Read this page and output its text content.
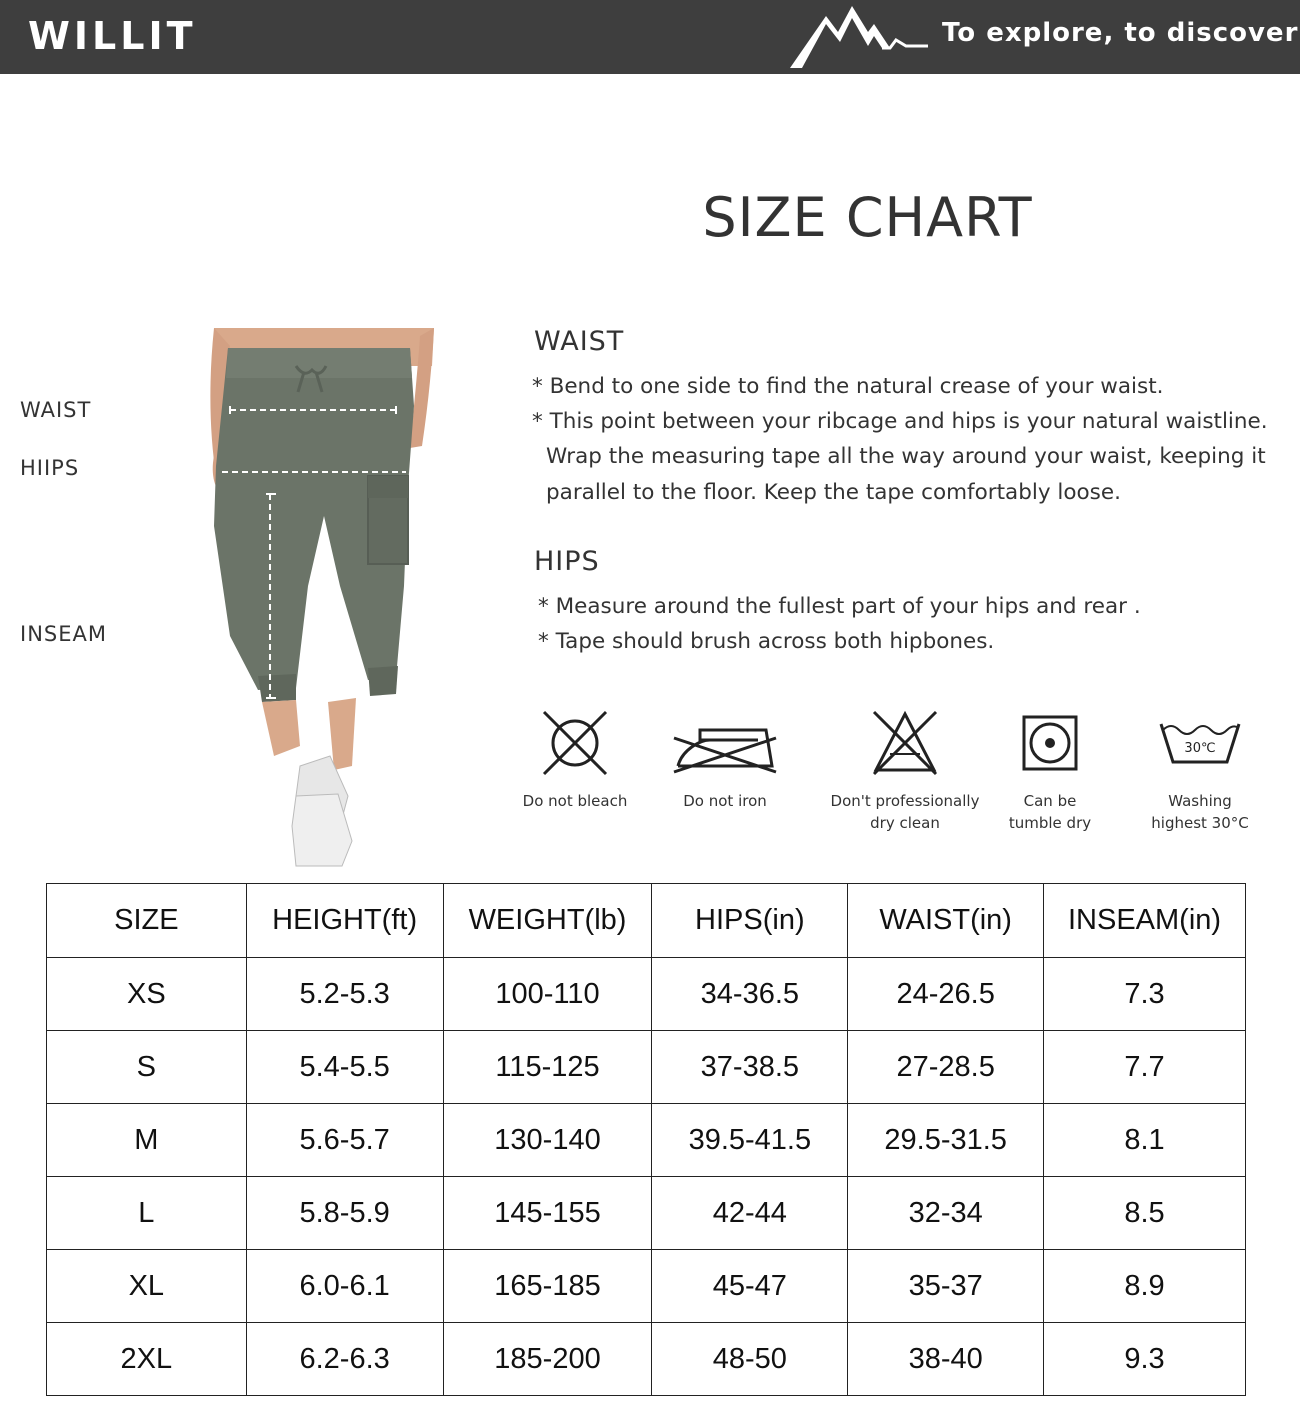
WILLIT	To explore, to discover
SIZE CHART
WAIST
HIIPS
INSEAM
WAIST
* Bend to one side to find the natural crease of your waist.
* This point between your ribcage and hips is your natural waistline.
Wrap the measuring tape all the way around your waist, keeping it
parallel to the floor. Keep the tape comfortably loose.
HIPS
* Measure around the fullest part of your hips and rear .
* Tape should brush across both hipbones.
Do not bleach	Do not iron	Don't professionally
dry clean
Can be
tumble dry
30℃
Washing
highest 30°C
SIZE	HEIGHT(ft)	WEIGHT(lb)	HIPS(in)	WAIST(in)	INSEAM(in)
XS	5.2-5.3	100-110	34-36.5	24-26.5	7.3
S	5.4-5.5	115-125	37-38.5	27-28.5	7.7
M	5.6-5.7	130-140	39.5-41.5	29.5-31.5	8.1
L	5.8-5.9	145-155	42-44	32-34	8.5
XL	6.0-6.1	165-185	45-47	35-37	8.9
2XL	6.2-6.3	185-200	48-50	38-40	9.3
